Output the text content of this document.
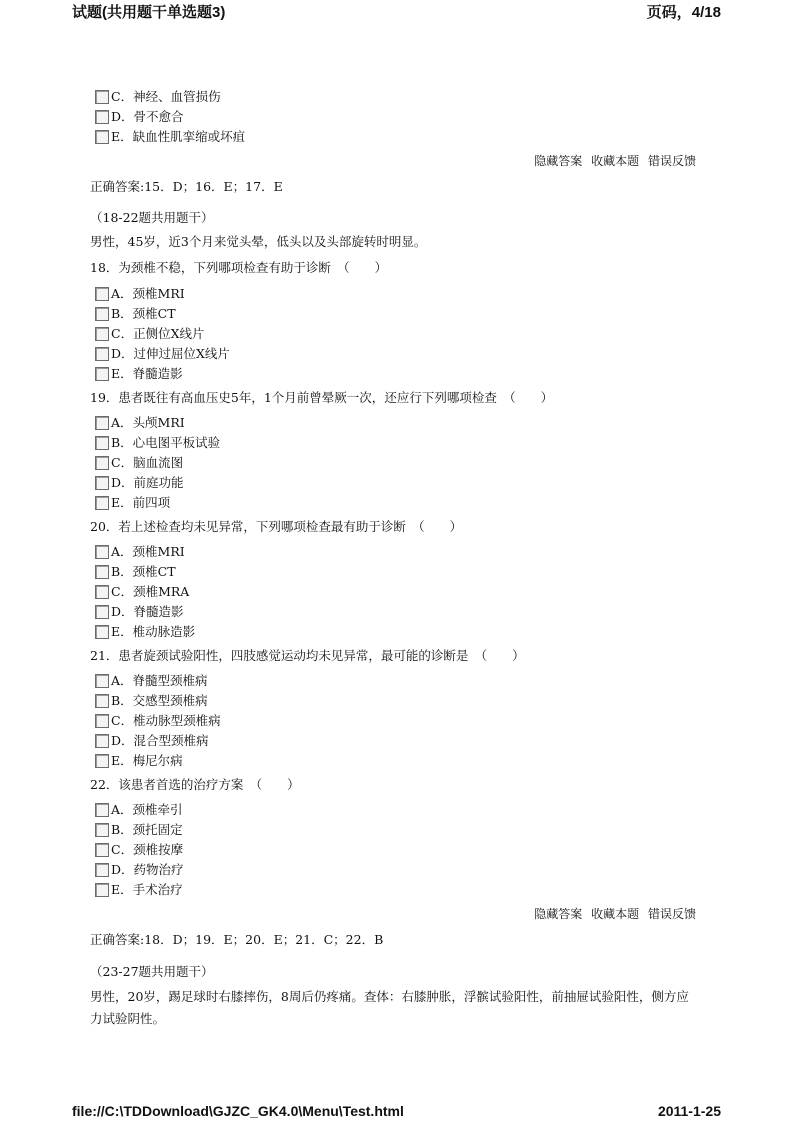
试题(共用题干单选题3)	页码，4/18
C．神经、血管损伤
D．骨不愈合
E．缺血性肌挛缩或坏疽
隐藏答案 收藏本题 错误反馈
正确答案:15．D；16．E；17．E
（18-22题共用题干）
男性，45岁，近3个月来觉头晕，低头以及头部旋转时明显。
18．为颈椎不稳，下列哪项检查有助于诊断　（　　）
A．颈椎MRI
B．颈椎CT
C．正侧位X线片
D．过伸过屈位X线片
E．脊髓造影
19．患者既往有高血压史5年，1个月前曾晕厥一次，还应行下列哪项检查　（　　）
A．头颅MRI
B．心电图平板试验
C．脑血流图
D．前庭功能
E．前四项
20．若上述检查均未见异常，下列哪项检查最有助于诊断　（　　）
A．颈椎MRI
B．颈椎CT
C．颈椎MRA
D．脊髓造影
E．椎动脉造影
21．患者旋颈试验阳性，四肢感觉运动均未见异常，最可能的诊断是　（　　）
A．脊髓型颈椎病
B．交感型颈椎病
C．椎动脉型颈椎病
D．混合型颈椎病
E．梅尼尔病
22．该患者首选的治疗方案　（　　）
A．颈椎牵引
B．颈托固定
C．颈椎按摩
D．药物治疗
E．手术治疗
隐藏答案 收藏本题 错误反馈
正确答案:18．D；19．E；20．E；21．C；22．B
（23-27题共用题干）
男性，20岁，踢足球时右膝摔伤，8周后仍疼痛。查体：右膝肿胀，浮髌试验阳性，前抽屉试验阳性，侧方应力试验阴性。
file://C:\TDDownload\GJZC_GK4.0\Menu\Test.html	2011-1-25
